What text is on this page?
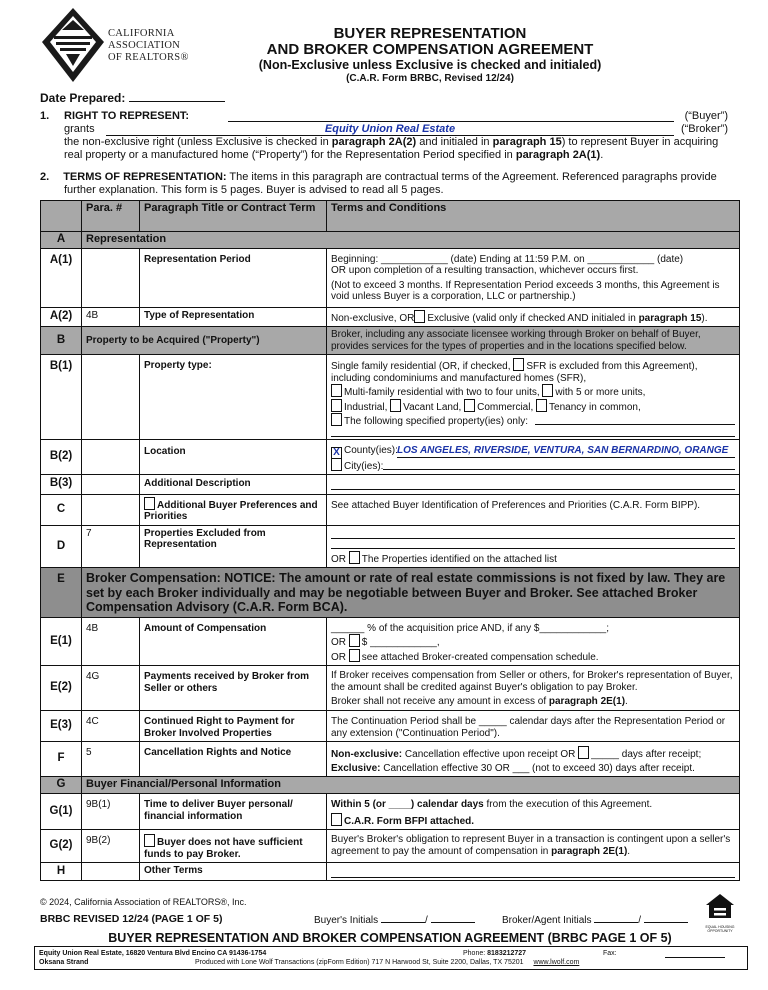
CALIFORNIA
ASSOCIATION
OF REALTORS®
BUYER REPRESENTATION
AND BROKER COMPENSATION AGREEMENT
(Non-Exclusive unless Exclusive is checked and initialed)
(C.A.R. Form BRBC, Revised 12/24)
Date Prepared:
1. RIGHT TO REPRESENT:	(“Buyer”)
grants	Equity Union Real Estate	(“Broker”)
the non-exclusive right (unless Exclusive is checked in paragraph 2A(2) and initialed in paragraph 15) to represent Buyer in acquiring
real property or a manufactured home (“Property”) for the Representation Period specified in paragraph 2A(1).
2. TERMS OF REPRESENTATION: The items in this paragraph are contractual terms of the Agreement. Referenced paragraphs provide
further explanation. This form is 5 pages. Buyer is advised to read all 5 pages.
	Para. #	Paragraph Title or Contract Term	Terms and Conditions
A	Representation		
A(1)		Representation Period	Beginning: ____________ (date) Ending at 11:59 P.M. on ____________ (date)
OR upon completion of a resulting transaction, whichever occurs first.
(Not to exceed 3 months. If Representation Period exceeds 3 months, this Agreement is void unless Buyer is a corporation, LLC or partnership.)

A(2)	4B	Type of Representation	Non-exclusive, OR Exclusive (valid only if checked AND initialed in paragraph 15).
B	Property to be Acquired ("Property")		Broker, including any associate licensee working through Broker on behalf of Buyer, provides services for the types of properties and in the locations specified below.
B(1)		Property type:	Single family residential (OR, if checked, SFR is excluded from this Agreement),
including condominiums and manufactured homes (SFR),
Multi-family residential with two to four units, with 5 or more units,
Industrial, Vacant Land, Commercial, Tenancy in common,
The following specified property(ies) only:

B(2)		Location	X County(ies): LOS ANGELES, RIVERSIDE, VENTURA, SAN BERNARDINO, ORANGE
City(ies):

B(3)		Additional Description	

C		Additional Buyer Preferences and Priorities	See attached Buyer Identification of Preferences and Priorities (C.A.R. Form BIPP).
D	7	Properties Excluded from Representation	OR The Properties identified on the attached list

E	Broker Compensation: NOTICE: The amount or rate of real estate commissions is not fixed by law. They are set by each Broker individually and may be negotiable between Buyer and Broker. See attached Broker Compensation Advisory (C.A.R. Form BCA).		
E(1)	4B	Amount of Compensation	______ % of the acquisition price AND, if any $____________;
OR $ ____________,
OR see attached Broker-created compensation schedule.

E(2)	4G	Payments received by Broker from Seller or others	If Broker receives compensation from Seller or others, for Broker's representation of Buyer, the amount shall be credited against Buyer's obligation to pay Broker.
Broker shall not receive any amount in excess of paragraph 2E(1).

E(3)	4C	Continued Right to Payment for Broker Involved Properties	The Continuation Period shall be _____ calendar days after the Representation Period or any extension ("Continuation Period").
F	5	Cancellation Rights and Notice	Non-exclusive: Cancellation effective upon receipt OR _____ days after receipt;
Exclusive: Cancellation effective 30 OR ___ (not to exceed 30) days after receipt.

G	Buyer Financial/Personal Information		
G(1)	9B(1)	Time to deliver Buyer personal/ financial information	Within 5 (or ____) calendar days from the execution of this Agreement.
C.A.R. Form BFPI attached.

G(2)	9B(2)	Buyer does not have sufficient funds to pay Broker.	Buyer's Broker's obligation to represent Buyer in a transaction is contingent upon a seller's agreement to pay the amount of compensation in paragraph 2E(1).
H		Other Terms	
© 2024, California Association of REALTORS®, Inc.
BRBC REVISED 12/24 (PAGE 1 OF 5)	Buyer's Initials	/	Broker/Agent Initials	/
EQUAL HOUSING OPPORTUNITY
BUYER REPRESENTATION AND BROKER COMPENSATION AGREEMENT (BRBC PAGE 1 OF 5)
Equity Union Real Estate, 16820 Ventura Blvd Encino CA 91436-1754	Phone: 8183212727	Fax:
Oksana Strand	Produced with Lone Wolf Transactions (zipForm Edition) 717 N Harwood St, Suite 2200, Dallas, TX 75201 www.lwolf.com
